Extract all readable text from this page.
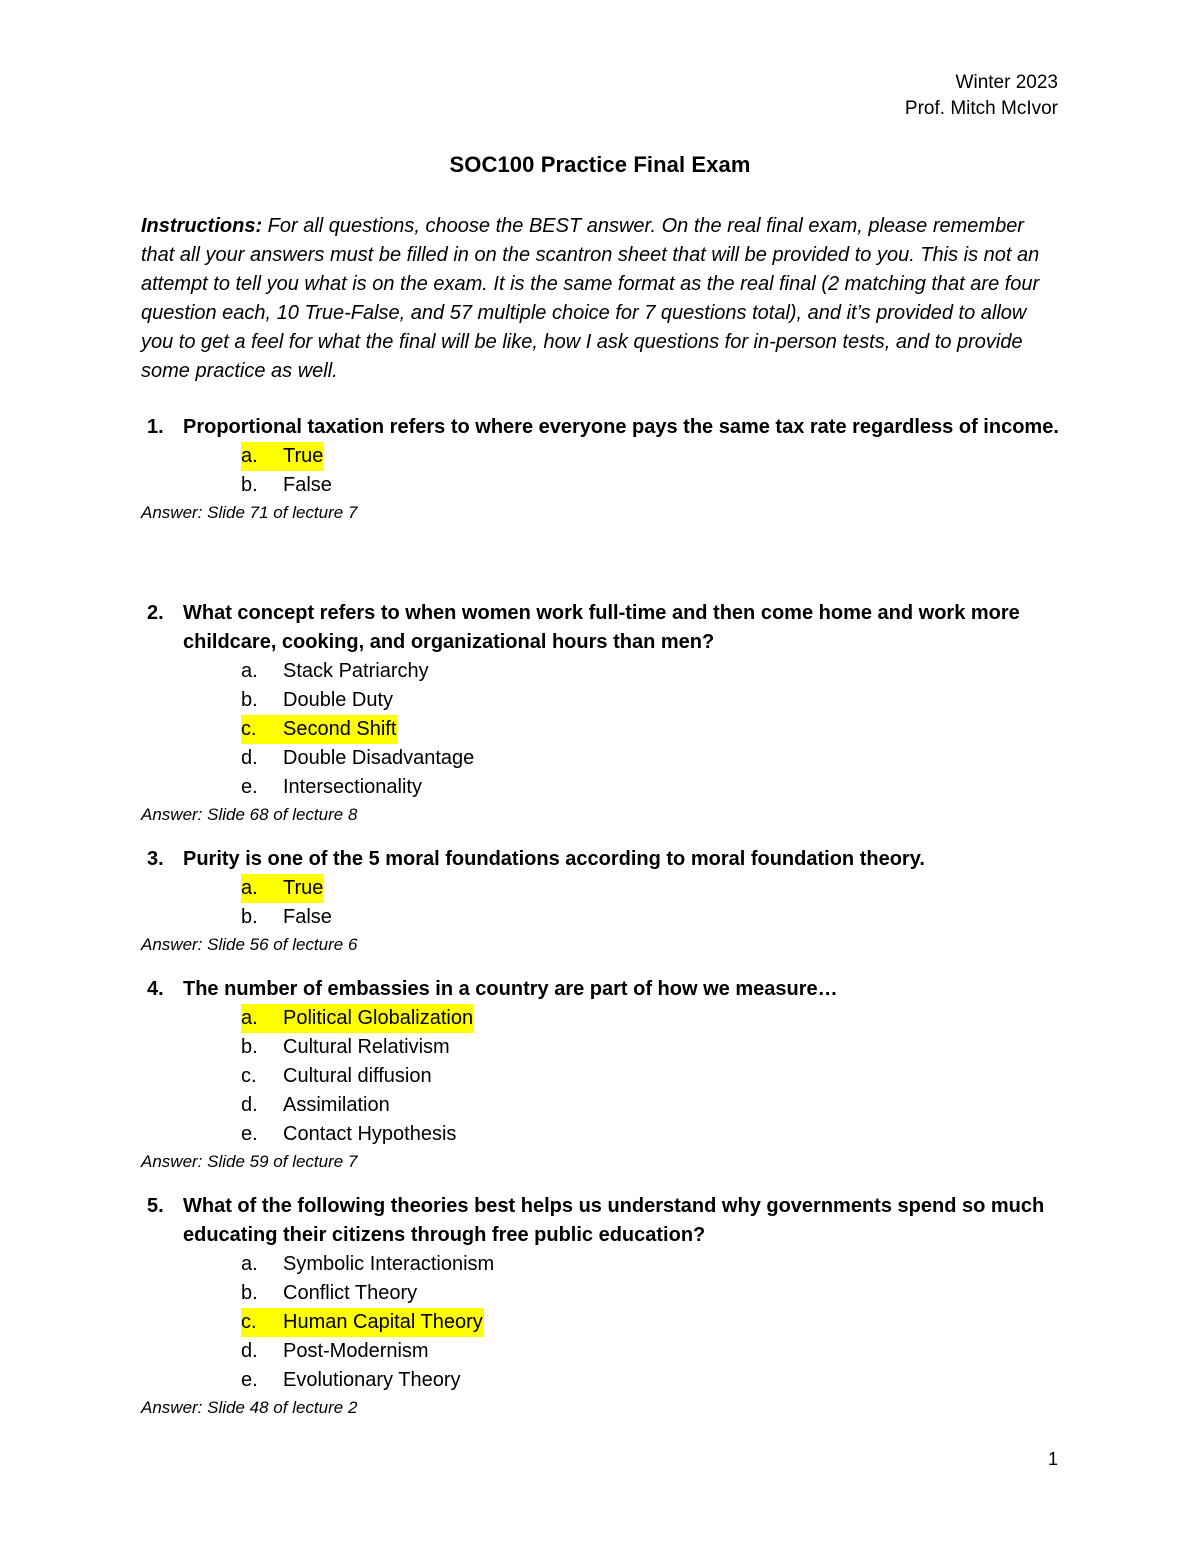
Winter 2023
Prof. Mitch McIvor
SOC100 Practice Final Exam
Instructions: For all questions, choose the BEST answer. On the real final exam, please remember that all your answers must be filled in on the scantron sheet that will be provided to you. This is not an attempt to tell you what is on the exam. It is the same format as the real final (2 matching that are four question each, 10 True-False, and 57 multiple choice for 7 questions total), and it’s provided to allow you to get a feel for what the final will be like, how I ask questions for in-person tests, and to provide some practice as well.
1. Proportional taxation refers to where everyone pays the same tax rate regardless of income.
a.	True
b.	False
Answer: Slide 71 of lecture 7
2. What concept refers to when women work full-time and then come home and work more childcare, cooking, and organizational hours than men?
a.	Stack Patriarchy
b.	Double Duty
c.	Second Shift
d.	Double Disadvantage
e.	Intersectionality
Answer: Slide 68 of lecture 8
3. Purity is one of the 5 moral foundations according to moral foundation theory.
a.	True
b.	False
Answer: Slide 56 of lecture 6
4. The number of embassies in a country are part of how we measure…
a.	Political Globalization
b.	Cultural Relativism
c.	Cultural diffusion
d.	Assimilation
e.	Contact Hypothesis
Answer: Slide 59 of lecture 7
5. What of the following theories best helps us understand why governments spend so much educating their citizens through free public education?
a.	Symbolic Interactionism
b.	Conflict Theory
c.	Human Capital Theory
d.	Post-Modernism
e.	Evolutionary Theory
Answer: Slide 48 of lecture 2
1
